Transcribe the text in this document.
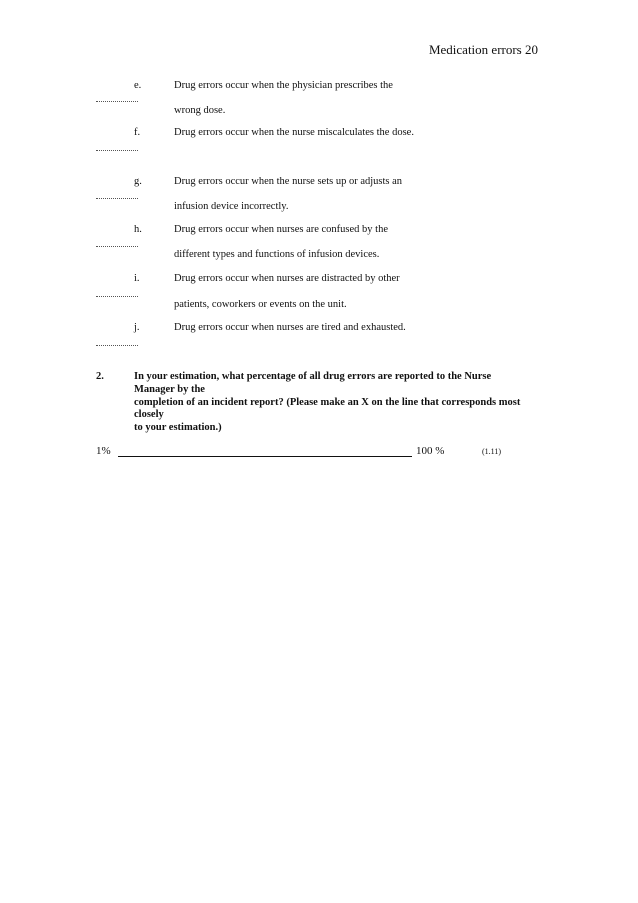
Medication errors 20
e.	Drug errors occur when the physician prescribes the
wrong dose.
f.	Drug errors occur when the nurse miscalculates the dose.
g.	Drug errors occur when the nurse sets up or adjusts an
infusion device incorrectly.
h.	Drug errors occur when nurses are confused by the
different types and functions of infusion devices.
i.	Drug errors occur when nurses are distracted by other
patients, coworkers or events on the unit.
j.	Drug errors occur when nurses are tired and exhausted.
2.	In your estimation, what percentage of all drug errors are reported to the Nurse
Manager by the
completion of an incident report? (Please make an X on the line that corresponds most
closely
to your estimation.)
1%	100 %	(1.11)
